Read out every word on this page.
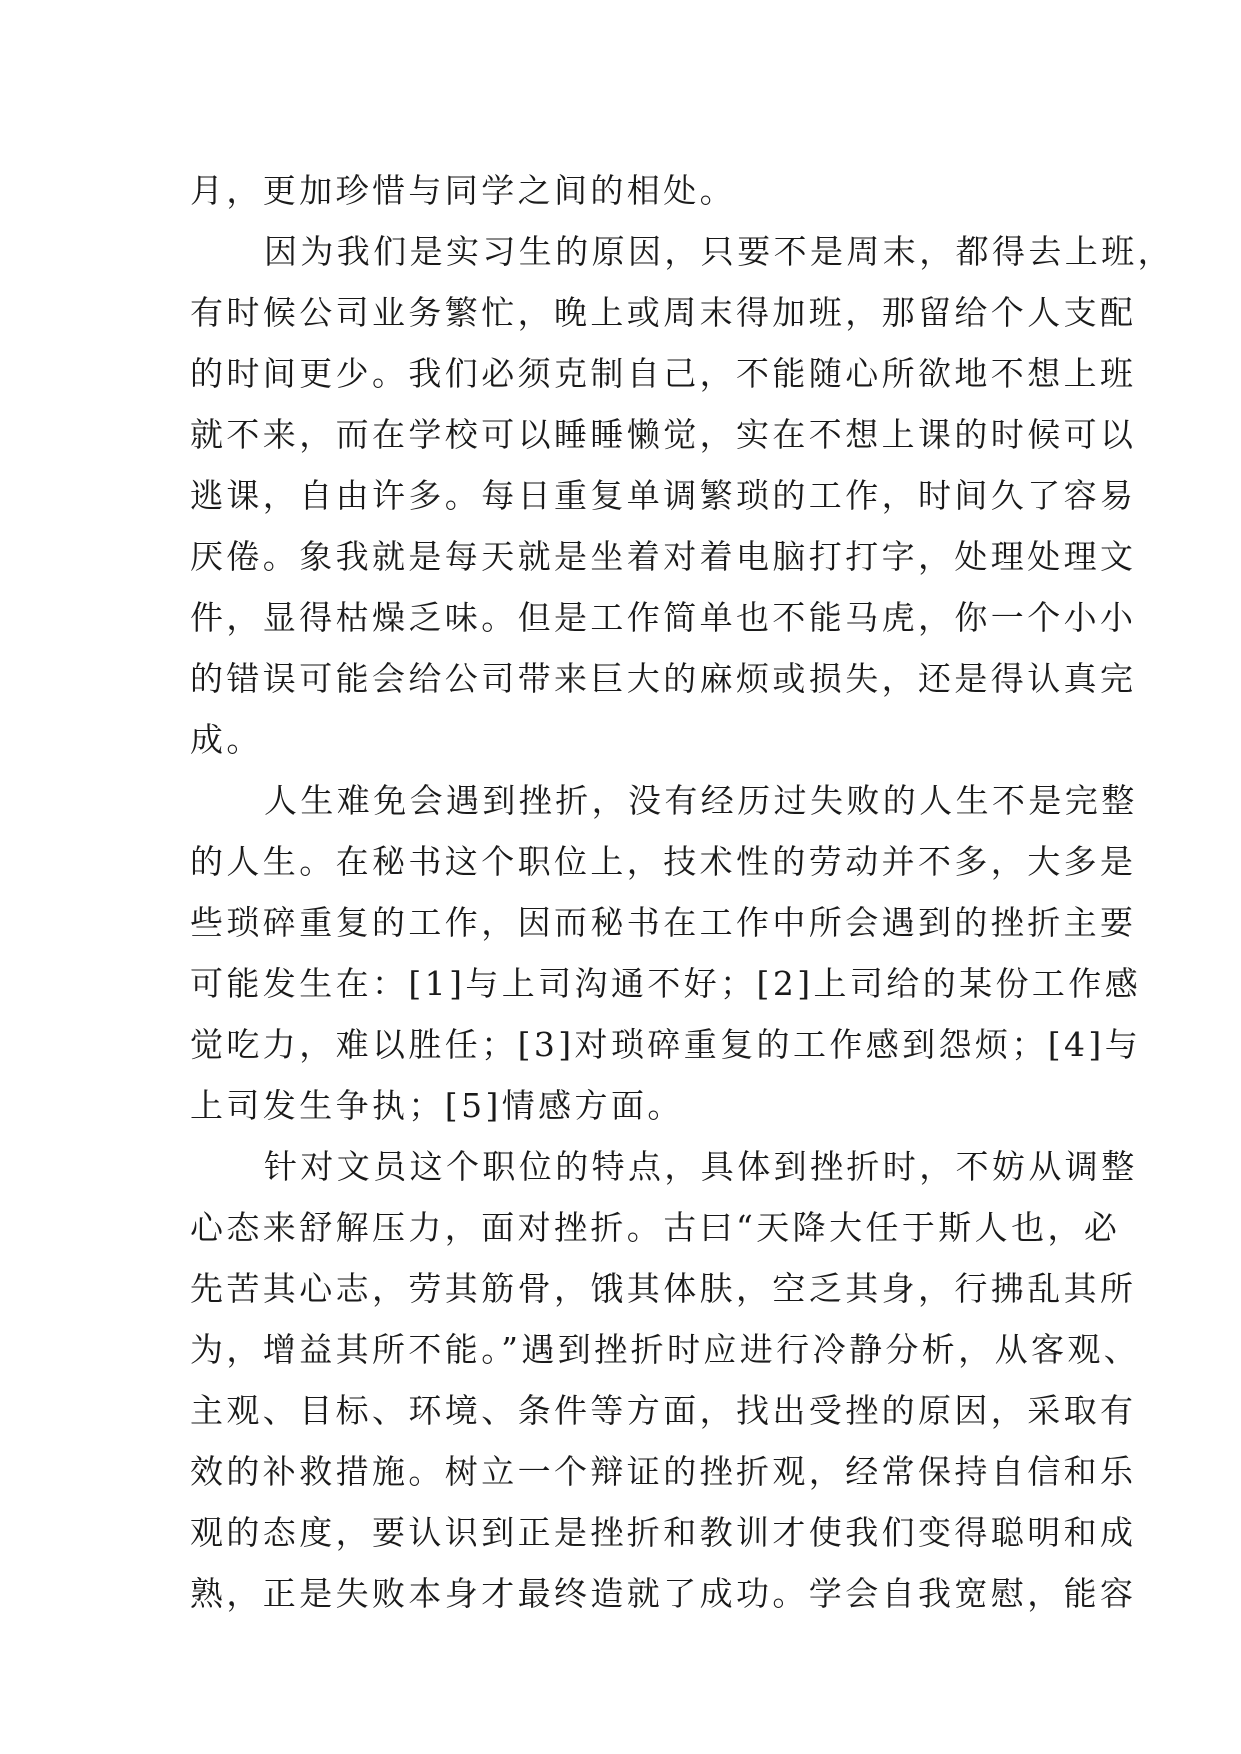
月，更加珍惜与同学之间的相处。
因为我们是实习生的原因，只要不是周末，都得去上班，
有时候公司业务繁忙，晚上或周末得加班，那留给个人支配
的时间更少。我们必须克制自己，不能随心所欲地不想上班
就不来，而在学校可以睡睡懒觉，实在不想上课的时候可以
逃课，自由许多。每日重复单调繁琐的工作，时间久了容易
厌倦。象我就是每天就是坐着对着电脑打打字，处理处理文
件，显得枯燥乏味。但是工作简单也不能马虎，你一个小小
的错误可能会给公司带来巨大的麻烦或损失，还是得认真完
成。
人生难免会遇到挫折，没有经历过失败的人生不是完整
的人生。在秘书这个职位上，技术性的劳动并不多，大多是
些琐碎重复的工作，因而秘书在工作中所会遇到的挫折主要
可能发生在：[1]与上司沟通不好；[2]上司给的某份工作感
觉吃力，难以胜任；[3]对琐碎重复的工作感到怨烦；[4]与
上司发生争执；[5]情感方面。
针对文员这个职位的特点，具体到挫折时，不妨从调整
心态来舒解压力，面对挫折。古曰“天降大任于斯人也，必
先苦其心志，劳其筋骨，饿其体肤，空乏其身，行拂乱其所
为，增益其所不能。”遇到挫折时应进行冷静分析，从客观、
主观、目标、环境、条件等方面，找出受挫的原因，采取有
效的补救措施。树立一个辩证的挫折观，经常保持自信和乐
观的态度，要认识到正是挫折和教训才使我们变得聪明和成
熟，正是失败本身才最终造就了成功。学会自我宽慰，能容
